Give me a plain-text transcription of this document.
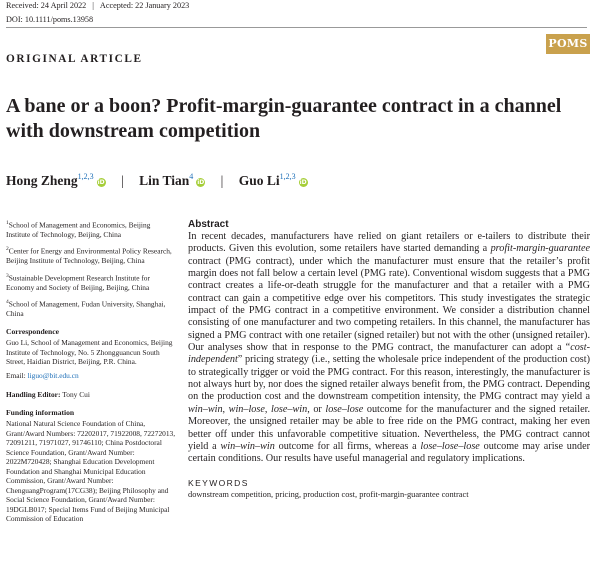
Received: 24 April 2022 | Accepted: 22 January 2023
DOI: 10.1111/poms.13958
POMS
ORIGINAL ARTICLE
A bane or a boon? Profit-margin-guarantee contract in a channel with downstream competition
Hong Zheng$^{1,2,3}$iD | Lin Tian$^4$iD | Guo Li$^{1,2,3}$iD

$^1$School of Management and Economics, Beijing Institute of Technology, Beijing, China

$^2$Center for Energy and Environmental Policy Research, Beijing Institute of Technology, Beijing, China

$^3$Sustainable Development Research Institute for Economy and Society of Beijing, Beijing, China

$^4$School of Management, Fudan University, Shanghai, China

Correspondence

Guo Li, School of Management and Economics, Beijing Institute of Technology, No. 5 Zhongguancun South Street, Haidian District, Beijing, P.R. China.

Email: liguo@bit.edu.cn

Handling Editor: Tony Cui

Funding information

National Natural Science Foundation of China, Grant/Award Numbers: 72202017, 71922008, 72272013, 72091211, 71971027, 91746110; China Postdoctoral Science Foundation, Grant/Award Number: 2022M720428; Shanghai Education Development Foundation and Shanghai Municipal Education Commission, Grant/Award Number: ChenguangProgram(17CG38); Beijing Philosophy and Social Science Foundation, Grant/Award Number: 19DGLB017; Special Items Fund of Beijing Municipal Commission of Education

Abstract

In recent decades, manufacturers have relied on giant retailers or e-tailers to distribute their products. Given this evolution, some retailers have started demanding a profit-margin-guarantee contract (PMG contract), under which the manufacturer must ensure that the retailer’s profit margin does not fall below a certain level (PMG rate). Conventional wisdom suggests that a PMG contract creates a life-or-death struggle for the manufacturer and that a retailer with a PMG contract can gain a competitive edge over his competitors. This study investigates the strategic impact of the PMG contract in a competitive environment. We consider a distribution channel consisting of one manufacturer and two competing retailers. In this channel, the manufacturer has signed a PMG contract with one retailer (signed retailer) but not with the other (unsigned retailer). Our analyses show that in response to the PMG contract, the manufacturer can adopt a “cost-independent” pricing strategy (i.e., setting the wholesale price independent of the production cost) to strategically trigger or void the PMG contract. For this reason, interestingly, the manufacturer is not always hurt by, nor does the signed retailer always benefit from, the PMG contract. Depending on the production cost and the downstream competition intensity, the PMG contract may yield a win–win, win–lose, lose–win, or lose–lose outcome for the manufacturer and the signed retailer. Moreover, the unsigned retailer may be able to free ride on the PMG contract, making her even better off under this unfavorable competitive situation. Nevertheless, the PMG contract cannot yield a win–win–win outcome for all firms, whereas a lose–lose–lose outcome may arise under certain conditions. Our results have useful managerial and regulatory implications.

KEYWORDS

downstream competition, pricing, production cost, profit-margin-guarantee contract
